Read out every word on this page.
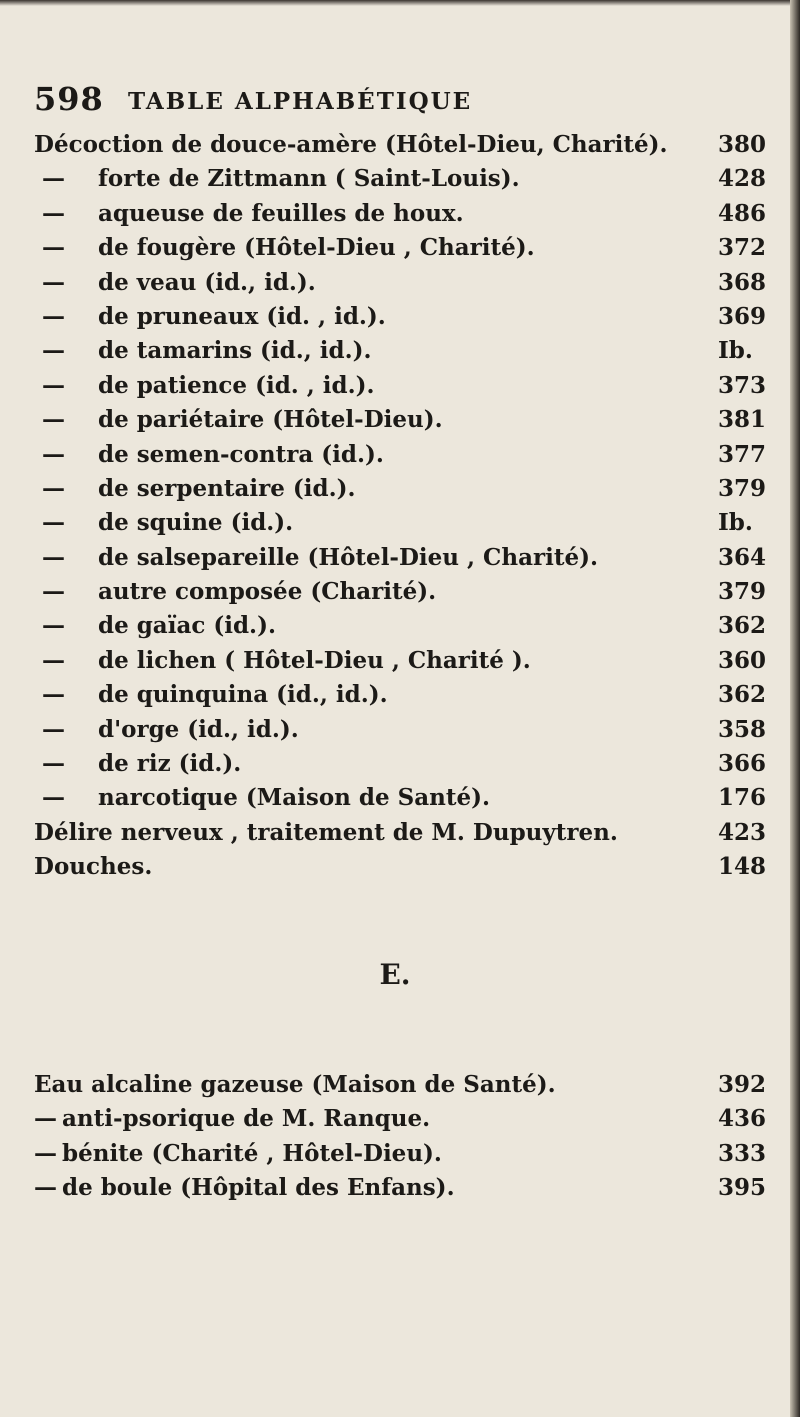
598 TABLE ALPHABÉTIQUE
Décoction de douce-amère (Hôtel-Dieu, Charité). 380
— forte de Zittmann ( Saint-Louis).	428
— aqueuse de feuilles de houx.	486
— de fougère (Hôtel-Dieu , Charité).	372
— de veau (id., id.).	368
— de pruneaux (id. , id.).	369
— de tamarins (id., id.).	Ib.
— de patience (id. , id.).	373
— de pariétaire (Hôtel-Dieu).	381
— de semen-contra (id.).	377
— de serpentaire (id.).	379
— de squine (id.).	Ib.
— de salsepareille (Hôtel-Dieu , Charité).	364
— autre composée (Charité).	379
— de gaïac (id.).	362
— de lichen ( Hôtel-Dieu , Charité ).	360
— de quinquina (id., id.).	362
— d'orge (id., id.).	358
— de riz (id.).	366
— narcotique (Maison de Santé).	176
Délire nerveux , traitement de M. Dupuytren.	423
Douches.	148
E.
Eau alcaline gazeuse (Maison de Santé).	392
— anti-psorique de M. Ranque.	436
— bénite (Charité , Hôtel-Dieu).	333
— de boule (Hôpital des Enfans).	395
